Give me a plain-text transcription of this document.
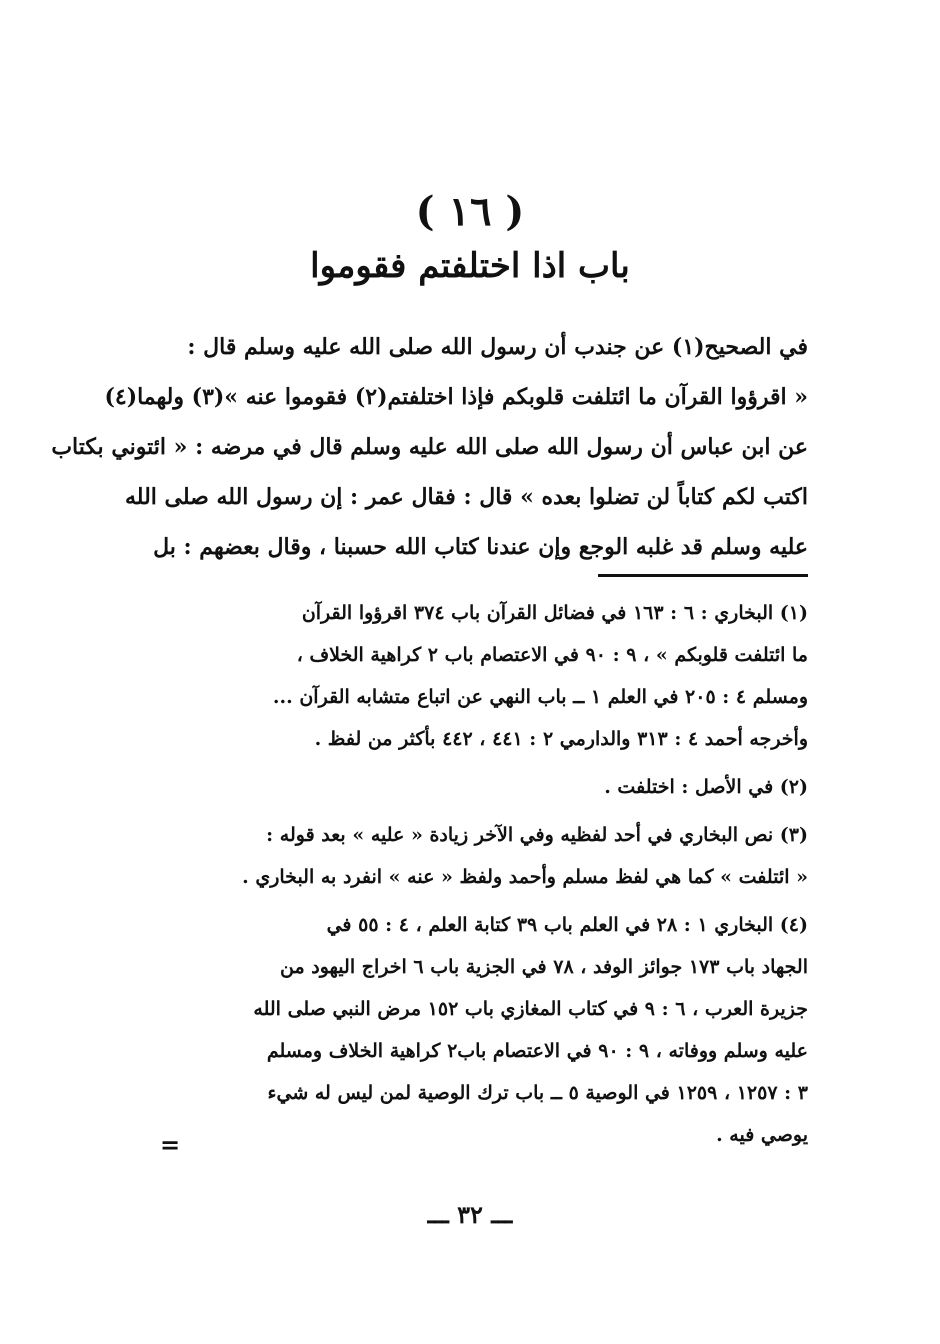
( ١٦ )
باب اذا اختلفتم فقوموا
في الصحيح(١) عن جندب أن رسول الله صلى الله عليه وسلم قال :
« اقرؤوا القرآن ما ائتلفت قلوبكم فإذا اختلفتم(٢) فقوموا عنه »(٣) ولهما(٤)
عن ابن عباس أن رسول الله صلى الله عليه وسلم قال في مرضه : « ائتوني بكتاب
اكتب لكم كتاباً لن تضلوا بعده » قال : فقال عمر : إن رسول الله صلى الله
عليه وسلم قد غلبه الوجع وإن عندنا كتاب الله حسبنا ، وقال بعضهم : بل
(١) البخاري : ٦ : ١٦٣ في فضائل القرآن باب ٣٧٤ اقرؤوا القرآن
ما ائتلفت قلوبكم » ، ٩ : ٩٠ في الاعتصام باب ٢ كراهية الخلاف ،
ومسلم ٤ : ٢٠٥ في العلم ١ ــ باب النهي عن اتباع متشابه القرآن ...
وأخرجه أحمد ٤ : ٣١٣ والدارمي ٢ : ٤٤١ ، ٤٤٢ بأكثر من لفظ .
(٢) في الأصل : اختلفت .
(٣) نص البخاري في أحد لفظيه وفي الآخر زيادة « عليه » بعد قوله :
« ائتلفت » كما هي لفظ مسلم وأحمد ولفظ « عنه » انفرد به البخاري .
(٤) البخاري ١ : ٢٨ في العلم باب ٣٩ كتابة العلم ، ٤ : ٥٥ في
الجهاد باب ١٧٣ جوائز الوفد ، ٧٨ في الجزية باب ٦ اخراج اليهود من
جزيرة العرب ، ٦ : ٩ في كتاب المغازي باب ١٥٢ مرض النبي صلى الله
عليه وسلم ووفاته ، ٩ : ٩٠ في الاعتصام باب٢ كراهية الخلاف ومسلم
٣ : ١٢٥٧ ، ١٢٥٩ في الوصية ٥ ــ باب ترك الوصية لمن ليس له شيء
يوصي فيه .
=
ـــ ٣٢ ـــ
